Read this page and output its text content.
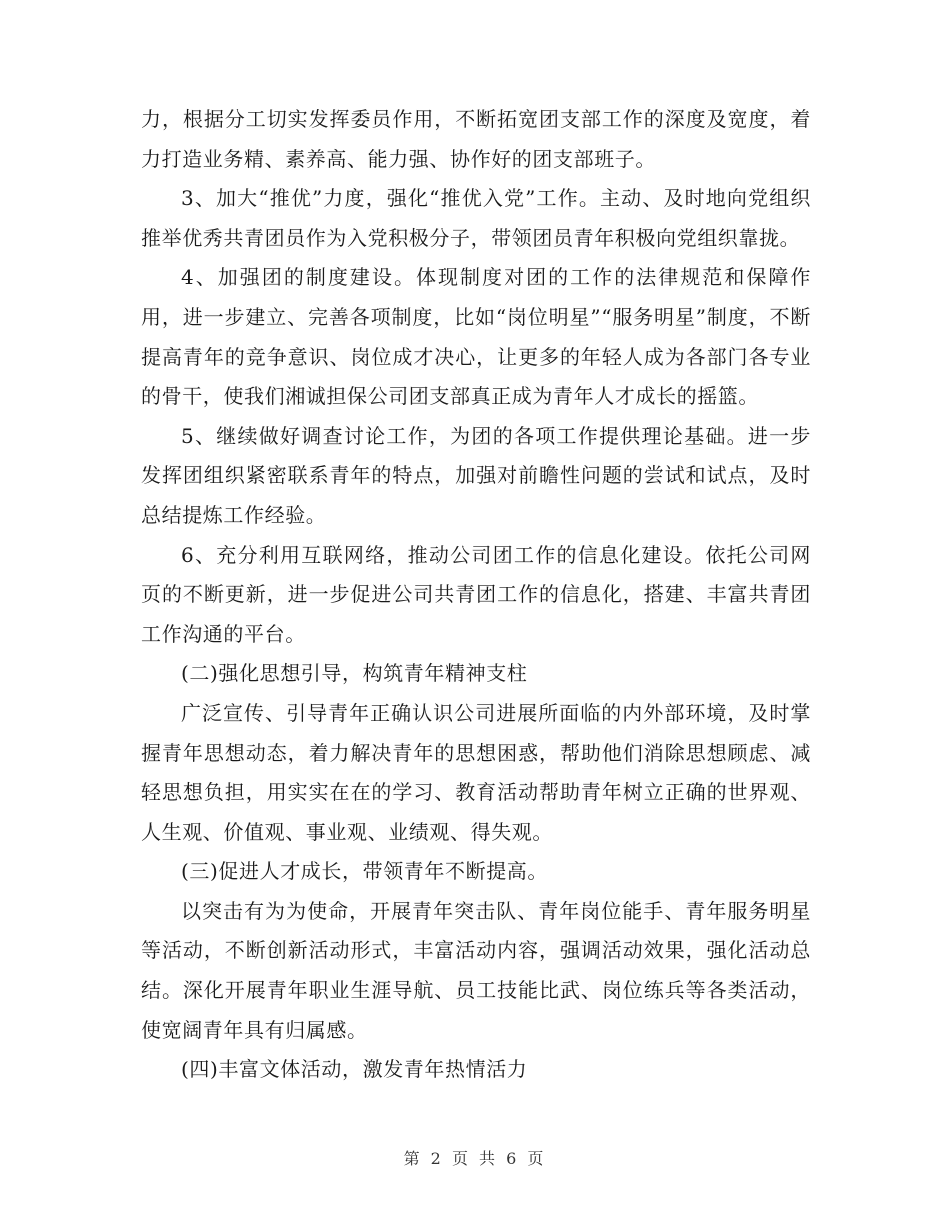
力，根据分工切实发挥委员作用，不断拓宽团支部工作的深度及宽度，着力打造业务精、素养高、能力强、协作好的团支部班子。

3、加大“推优”力度，强化“推优入党”工作。主动、及时地向党组织推举优秀共青团员作为入党积极分子，带领团员青年积极向党组织靠拢。

4、加强团的制度建设。体现制度对团的工作的法律规范和保障作用，进一步建立、完善各项制度，比如“岗位明星”“服务明星”制度，不断提高青年的竞争意识、岗位成才决心，让更多的年轻人成为各部门各专业的骨干，使我们湘诚担保公司团支部真正成为青年人才成长的摇篮。

5、继续做好调查讨论工作，为团的各项工作提供理论基础。进一步发挥团组织紧密联系青年的特点，加强对前瞻性问题的尝试和试点，及时总结提炼工作经验。

6、充分利用互联网络，推动公司团工作的信息化建设。依托公司网页的不断更新，进一步促进公司共青团工作的信息化，搭建、丰富共青团工作沟通的平台。

(二)强化思想引导，构筑青年精神支柱

广泛宣传、引导青年正确认识公司进展所面临的内外部环境，及时掌握青年思想动态，着力解决青年的思想困惑，帮助他们消除思想顾虑、减轻思想负担，用实实在在的学习、教育活动帮助青年树立正确的世界观、人生观、价值观、事业观、业绩观、得失观。

(三)促进人才成长，带领青年不断提高。

以突击有为为使命，开展青年突击队、青年岗位能手、青年服务明星等活动，不断创新活动形式，丰富活动内容，强调活动效果，强化活动总结。深化开展青年职业生涯导航、员工技能比武、岗位练兵等各类活动，使宽阔青年具有归属感。

(四)丰富文体活动，激发青年热情活力

第 2 页 共 6 页
